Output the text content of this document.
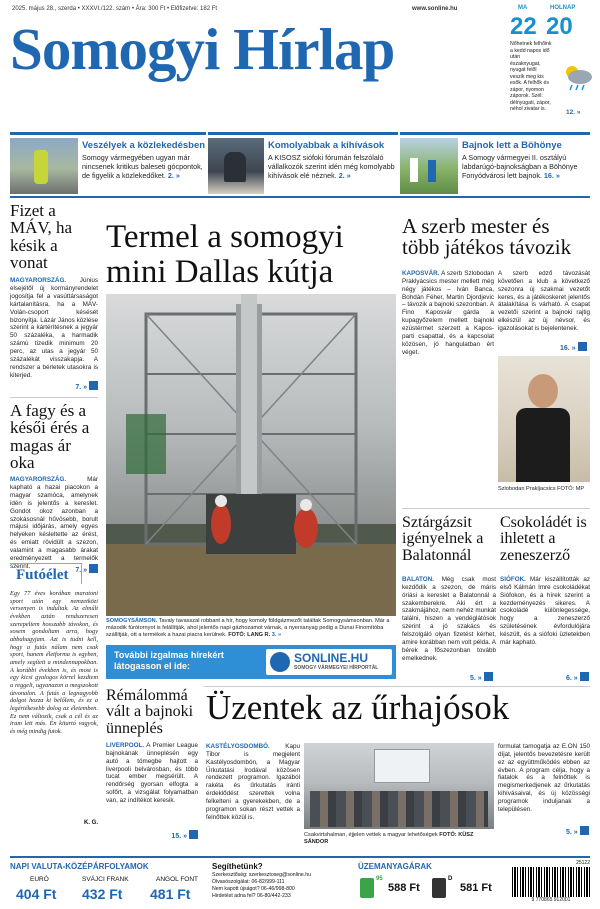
2025. május 28., szerda • XXXVI./122. szám • Ára: 300 Ft • Előfizetve: 182 Ft	www.sonline.hu
Somogyi Hírlap
MA	HOLNAP
22 20
Nőhetnek felhőink a kedd napos idő után északnyugat, nyugat felől veszik meg kis esők. A felhők és zápor, nyomon záporok. Szél: délnyugati, zápor, néhol zivatar is.	12. »
Veszélyek a közlekedésben
Somogy vármegyében ugyan már nincsenek kritikus baleseti gócpontok, de figyelik a közlekedőket. 2. »
Komolyabbak a kihívások
A KISOSZ siófoki fórumán felszólaló vállalkozók szerint idén még komolyabb kihívások elé néznek. 2. »
Bajnok lett a Böhönye
A Somogy vármegyei II. osztályú labdarúgó-bajnokságban a Böhönye Fonyódvárosi lett bajnok. 16. »
Fizet a MÁV, ha késik a vonat
MAGYARORSZÁG. Június elsejétől új kormányrendelet jogosítja fel a vasúttársaságot kártalanításra, ha a MÁV-Volán-csoport késését bizonyítja. Lázár János közlése szerint a kártérítésnek a jegyár 50 százaléka, a harmadik számú tizedik minimum 20 perc, az utas a jegyár 50 százalékát visszakapja. A rendszer a bérletek utasokra is kiterjed.
7. »
A fagy és a késői érés a magas ár oka
MAGYARORSZÁG.	Már kapható a hazai piacokon a magyar szamóca, amelynek idén is jelentős a kereslet. Gondot okoz azonban a szokásosnál hűvösebb, borult májusi időjárás, amely egyes helyeken késleltette az érést, és emiatt rövidült a szezon, valamint a magasabb árakat eredményezett a termelők szerint.
7. »
Futóélet
Egy 77 éves korában maratoni sport után egy nemzetközi versenyen is indultak. Az elmúlt években aztán rendszeresen szerepeltem hosszabb távokon, és sosem gondoltam arra, hogy abbahagyjam. Azt is tudni kell, hogy a futás nálam nem csak sport, hanem életforma is egyben, amely segített a mindennapokban. A korábbi években is, és most is egy kicsi gyalogos körrel kezdtem a reggelt, ugyanazon a megszokott útvonalon. A futás a legnagyobb dolgot hozza ki belőlem, és ez a legértékesebb dolog az életemben. Ez nem változik, csak a cél és az iram lett más. Én kitartó vagyok, és még mindig futok.
K. G.
Rémálommá vált a bajnoki ünneplés
LIVERPOOL. A Premier League bajnokának ünneplésén egy autó a tömegbe hajtott a liverpooli belvárosban, és több tucat ember megsérült. A rendőrség gyorsan elfogta a sofőrt, a vizsgálat folyamatban van, az indítékot keresik.
15. »
Termel a somogyi mini Dallas kútja
SOMOGYSÁMSON. Tavaly tavasszal robbant a hír, hogy komoly földgázmezőt találtak Somogysámsonban. Már a második fúrótornyot is felállítják, ahol jelentős napi gázhozamot várnak, a nyersanyag pedig a Dunai Finomítóba szállítják, ott a termékek a hazai piacra kerülnek. FOTÓ: LANG R. 3. »
További izgalmas hírekért látogasson el ide:
SONLINE.HU
SOMOGY VÁRMEGYEI HÍRPORTÁL
A szerb mester és több játékos távozik
KAPOSVÁR. A szerb Szlobodan Praklyácsics mester mellett még négy játékos – Iván Banca, Bohdán Féher, Martin Djordjevic – távozik a bajnoki szezonban. A Fino Kaposvár gárda a kupagyőzelem mellett bajnoki ezüstérmet szerzett a Kapos-parti csapattal, és a kapcsolat közösen, jó hangulatban ért véget.
A szerb edző távozását követően a klub a következő szezonra új szakmai vezetőt keres, és a játékoskeret jelentős átalakítása is várható. A csapat vezetői szerint a bajnoki rajtig elkészül az új névsor, és igazolásokat is bejelentenek.
16. »
Szlobodan Prakljacsics FOTÓ: MP
Sztárgázsit igényelnek a Balatonnál
BALATON. Még csak most kezdődik a szezon, de máris óriási a kereslet a Balatonnál a szakemberekre. Aki ért a szakmájához, nem nehéz munkát találni, hiszen a vendéglátósok szerint a jó szakács és felszolgáló olyan fizetést kérhet, amire korábban nem volt példa. A bérek a főszezonban tovább emelkednek.
5. »
Csokoládét is ihletett a zeneszerző
SIÓFOK. Már kiszállították az első Kálmán Imre csokoládékat Siófokon, és a hírek szerint a kezdeményezés sikeres. A csokoládé különlegessége, hogy a zeneszerző születésének évfordulójára készült, és a siófoki üzletekben már kapható.
6. »
Üzentek az űrhajósok
KASTÉLYOSDOMBÓ. Kapu Tibor is megjelent Kastélyosdombón, a Magyar Űrkutatási Irodával közösen rendezett programon. Igazából rakéta és űrkutatás iránti érdeklődést szerettek volna felkelteni a gyerekekben, de a programon sokan részt vettek a felnőttek közül is.
Csakvirtshalman, éjjelen vettek a magyar lehetőségek FOTÓ: KÜSZ SÁNDOR
formulat tamogatja az E.ON 150 díjat, jelentős bevezetésre került ez az együttműködés ebben az évben. A program célja, hogy a fiatalok és a felnőttek is megismerkedjenek az űrkutatás kihívásaival, és új közösségi programok induljanak a településen.
5. »
NAPI VALUTA-KÖZÉPÁRFOLYAMOK
EURÓ	SVÁJCI FRANK	ANGOL FONT
404 Ft 432 Ft 481 Ft
Segíthetünk?
Szerkesztőség: szerkesztoseg@sonline.hu
Olvasószolgálat: 06-82/999-111
Nem kapott újságot? 06-46/998-800
Hirdetést adna fel? 06-80/442-233
ÜZEMANYAGÁRAK
95
588 Ft
D
581 Ft
25122
9 770865 912001
